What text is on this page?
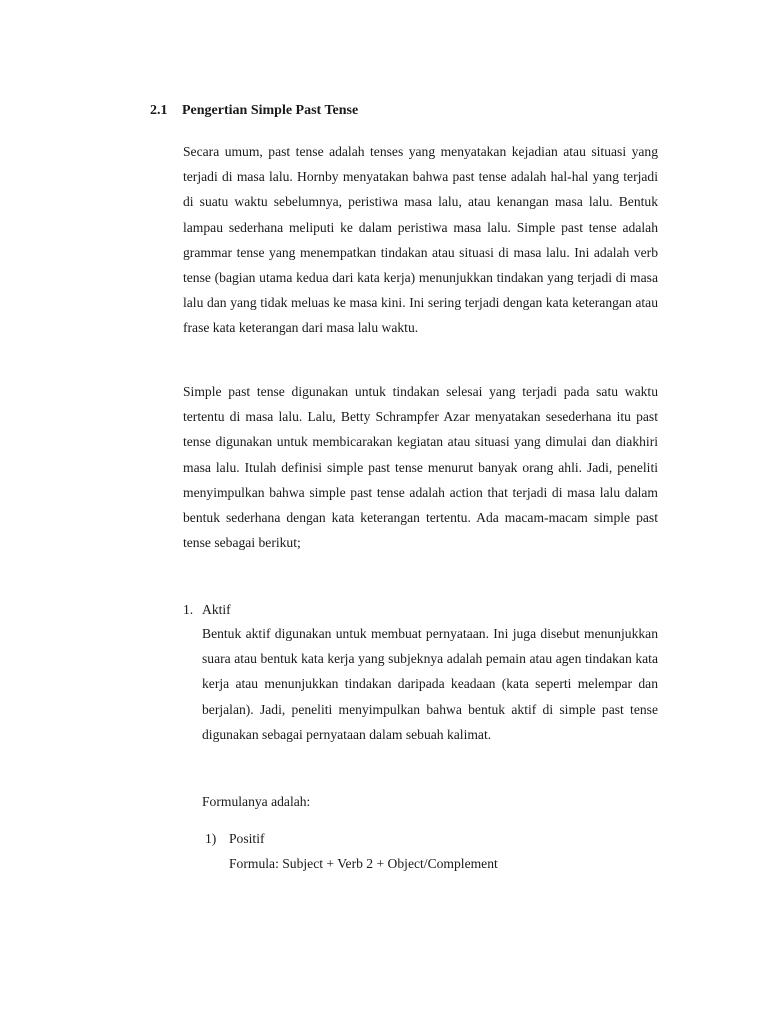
2.1 Pengertian Simple Past Tense

Secara umum, past tense adalah tenses yang menyatakan kejadian atau situasi yang terjadi di masa lalu. Hornby menyatakan bahwa past tense adalah hal-hal yang terjadi di suatu waktu sebelumnya, peristiwa masa lalu, atau kenangan masa lalu. Bentuk lampau sederhana meliputi ke dalam peristiwa masa lalu. Simple past tense adalah grammar tense yang menempatkan tindakan atau situasi di masa lalu. Ini adalah verb tense (bagian utama kedua dari kata kerja) menunjukkan tindakan yang terjadi di masa lalu dan yang tidak meluas ke masa kini. Ini sering terjadi dengan kata keterangan atau frase kata keterangan dari masa lalu waktu.

Simple past tense digunakan untuk tindakan selesai yang terjadi pada satu waktu tertentu di masa lalu. Lalu, Betty Schrampfer Azar menyatakan sesederhana itu past tense digunakan untuk membicarakan kegiatan atau situasi yang dimulai dan diakhiri masa lalu. Itulah definisi simple past tense menurut banyak orang ahli. Jadi, peneliti menyimpulkan bahwa simple past tense adalah action that terjadi di masa lalu dalam bentuk sederhana dengan kata keterangan tertentu. Ada macam-macam simple past tense sebagai berikut;

1. Aktif

Bentuk aktif digunakan untuk membuat pernyataan. Ini juga disebut menunjukkan suara atau bentuk kata kerja yang subjeknya adalah pemain atau agen tindakan kata kerja atau menunjukkan tindakan daripada keadaan (kata seperti melempar dan berjalan). Jadi, peneliti menyimpulkan bahwa bentuk aktif di simple past tense digunakan sebagai pernyataan dalam sebuah kalimat.

Formulanya adalah:
1) Positif
Formula: Subject + Verb 2 + Object/Complement
